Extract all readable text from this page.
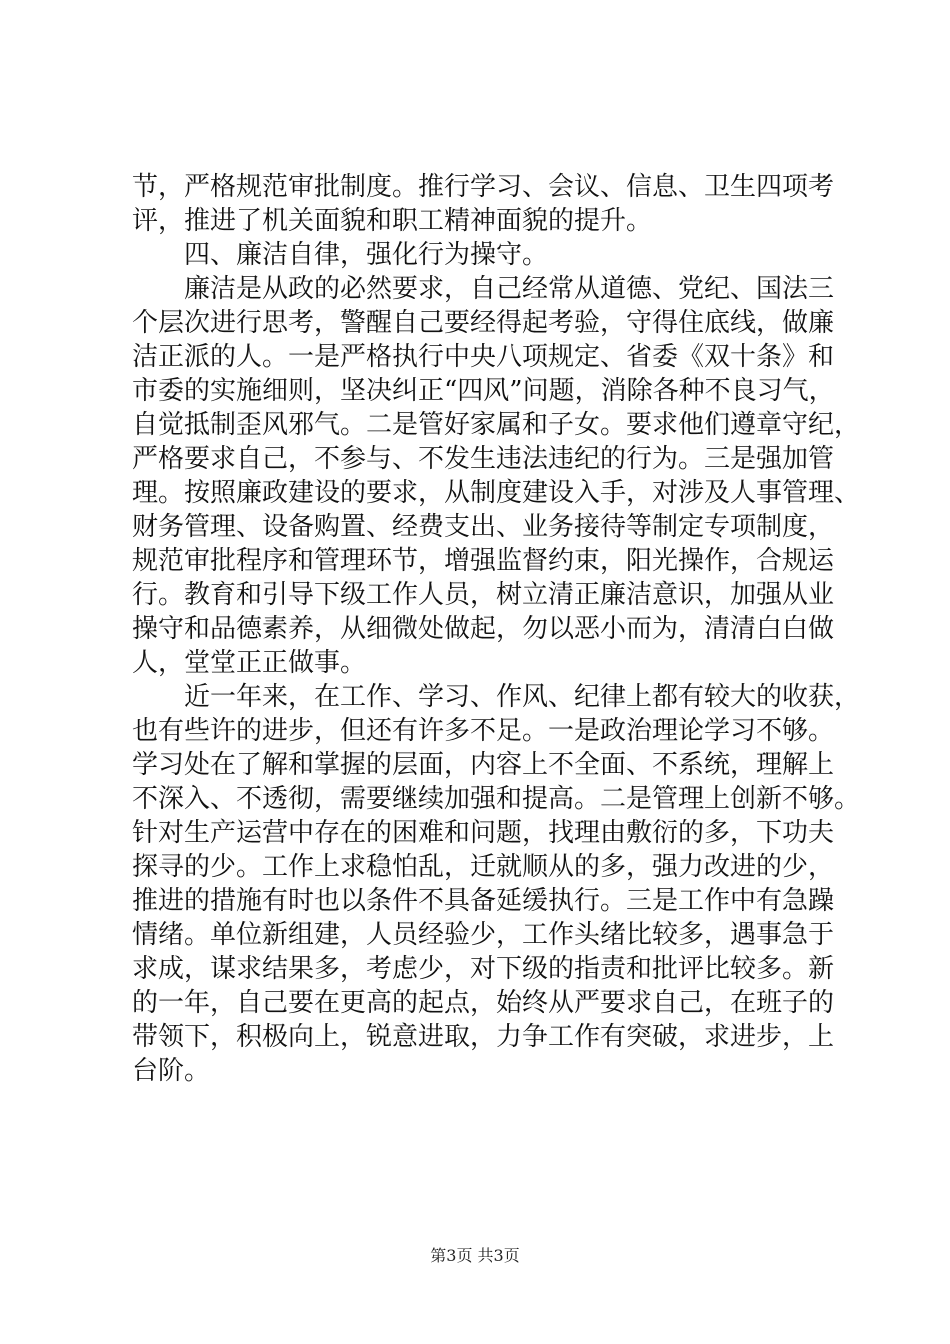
节，严格规范审批制度。推行学习、会议、信息、卫生四项考
评，推进了机关面貌和职工精神面貌的提升。
　　四、廉洁自律，强化行为操守。
　　廉洁是从政的必然要求，自己经常从道德、党纪、国法三
个层次进行思考，警醒自己要经得起考验，守得住底线，做廉
洁正派的人。一是严格执行中央八项规定、省委《双十条》和
市委的实施细则，坚决纠正“四风”问题，消除各种不良习气，
自觉抵制歪风邪气。二是管好家属和子女。要求他们遵章守纪，
严格要求自己，不参与、不发生违法违纪的行为。三是强加管
理。按照廉政建设的要求，从制度建设入手，对涉及人事管理、
财务管理、设备购置、经费支出、业务接待等制定专项制度，
规范审批程序和管理环节，增强监督约束，阳光操作，合规运
行。教育和引导下级工作人员，树立清正廉洁意识，加强从业
操守和品德素养，从细微处做起，勿以恶小而为，清清白白做
人，堂堂正正做事。
　　近一年来，在工作、学习、作风、纪律上都有较大的收获，
也有些许的进步，但还有许多不足。一是政治理论学习不够。
学习处在了解和掌握的层面，内容上不全面、不系统，理解上
不深入、不透彻，需要继续加强和提高。二是管理上创新不够。
针对生产运营中存在的困难和问题，找理由敷衍的多，下功夫
探寻的少。工作上求稳怕乱，迁就顺从的多，强力改进的少，
推进的措施有时也以条件不具备延缓执行。三是工作中有急躁
情绪。单位新组建，人员经验少，工作头绪比较多，遇事急于
求成，谋求结果多，考虑少，对下级的指责和批评比较多。新
的一年，自己要在更高的起点，始终从严要求自己，在班子的
带领下，积极向上，锐意进取，力争工作有突破，求进步，上
台阶。
第3页 共3页
